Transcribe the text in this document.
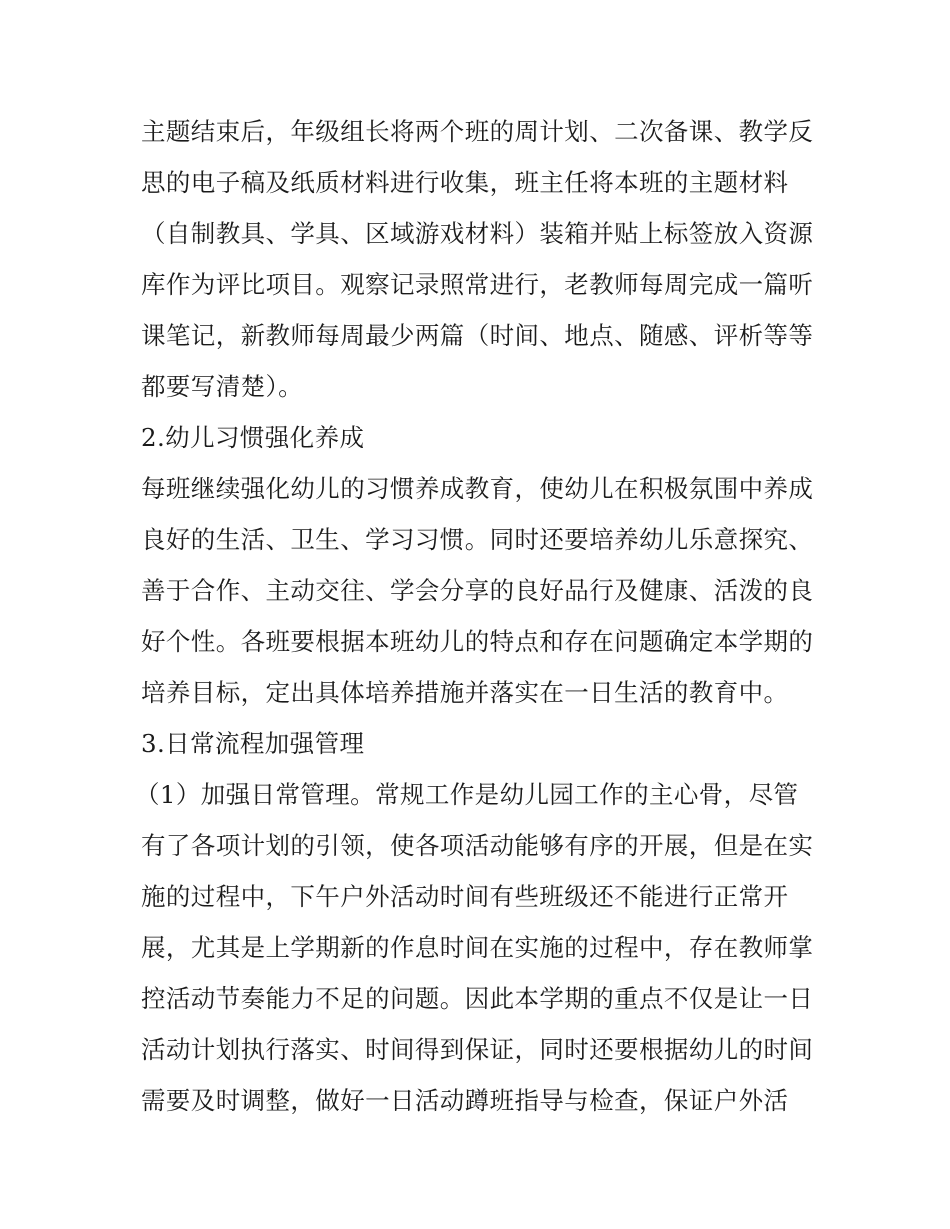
主题结束后，年级组长将两个班的周计划、二次备课、教学反
思的电子稿及纸质材料进行收集，班主任将本班的主题材料
（自制教具、学具、区域游戏材料）装箱并贴上标签放入资源
库作为评比项目。观察记录照常进行，老教师每周完成一篇听
课笔记，新教师每周最少两篇（时间、地点、随感、评析等等
都要写清楚）。
2.幼儿习惯强化养成
每班继续强化幼儿的习惯养成教育，使幼儿在积极氛围中养成
良好的生活、卫生、学习习惯。同时还要培养幼儿乐意探究、
善于合作、主动交往、学会分享的良好品行及健康、活泼的良
好个性。各班要根据本班幼儿的特点和存在问题确定本学期的
培养目标，定出具体培养措施并落实在一日生活的教育中。
3.日常流程加强管理
（1）加强日常管理。常规工作是幼儿园工作的主心骨，尽管
有了各项计划的引领，使各项活动能够有序的开展，但是在实
施的过程中，下午户外活动时间有些班级还不能进行正常开
展，尤其是上学期新的作息时间在实施的过程中，存在教师掌
控活动节奏能力不足的问题。因此本学期的重点不仅是让一日
活动计划执行落实、时间得到保证，同时还要根据幼儿的时间
需要及时调整，做好一日活动蹲班指导与检查，保证户外活
